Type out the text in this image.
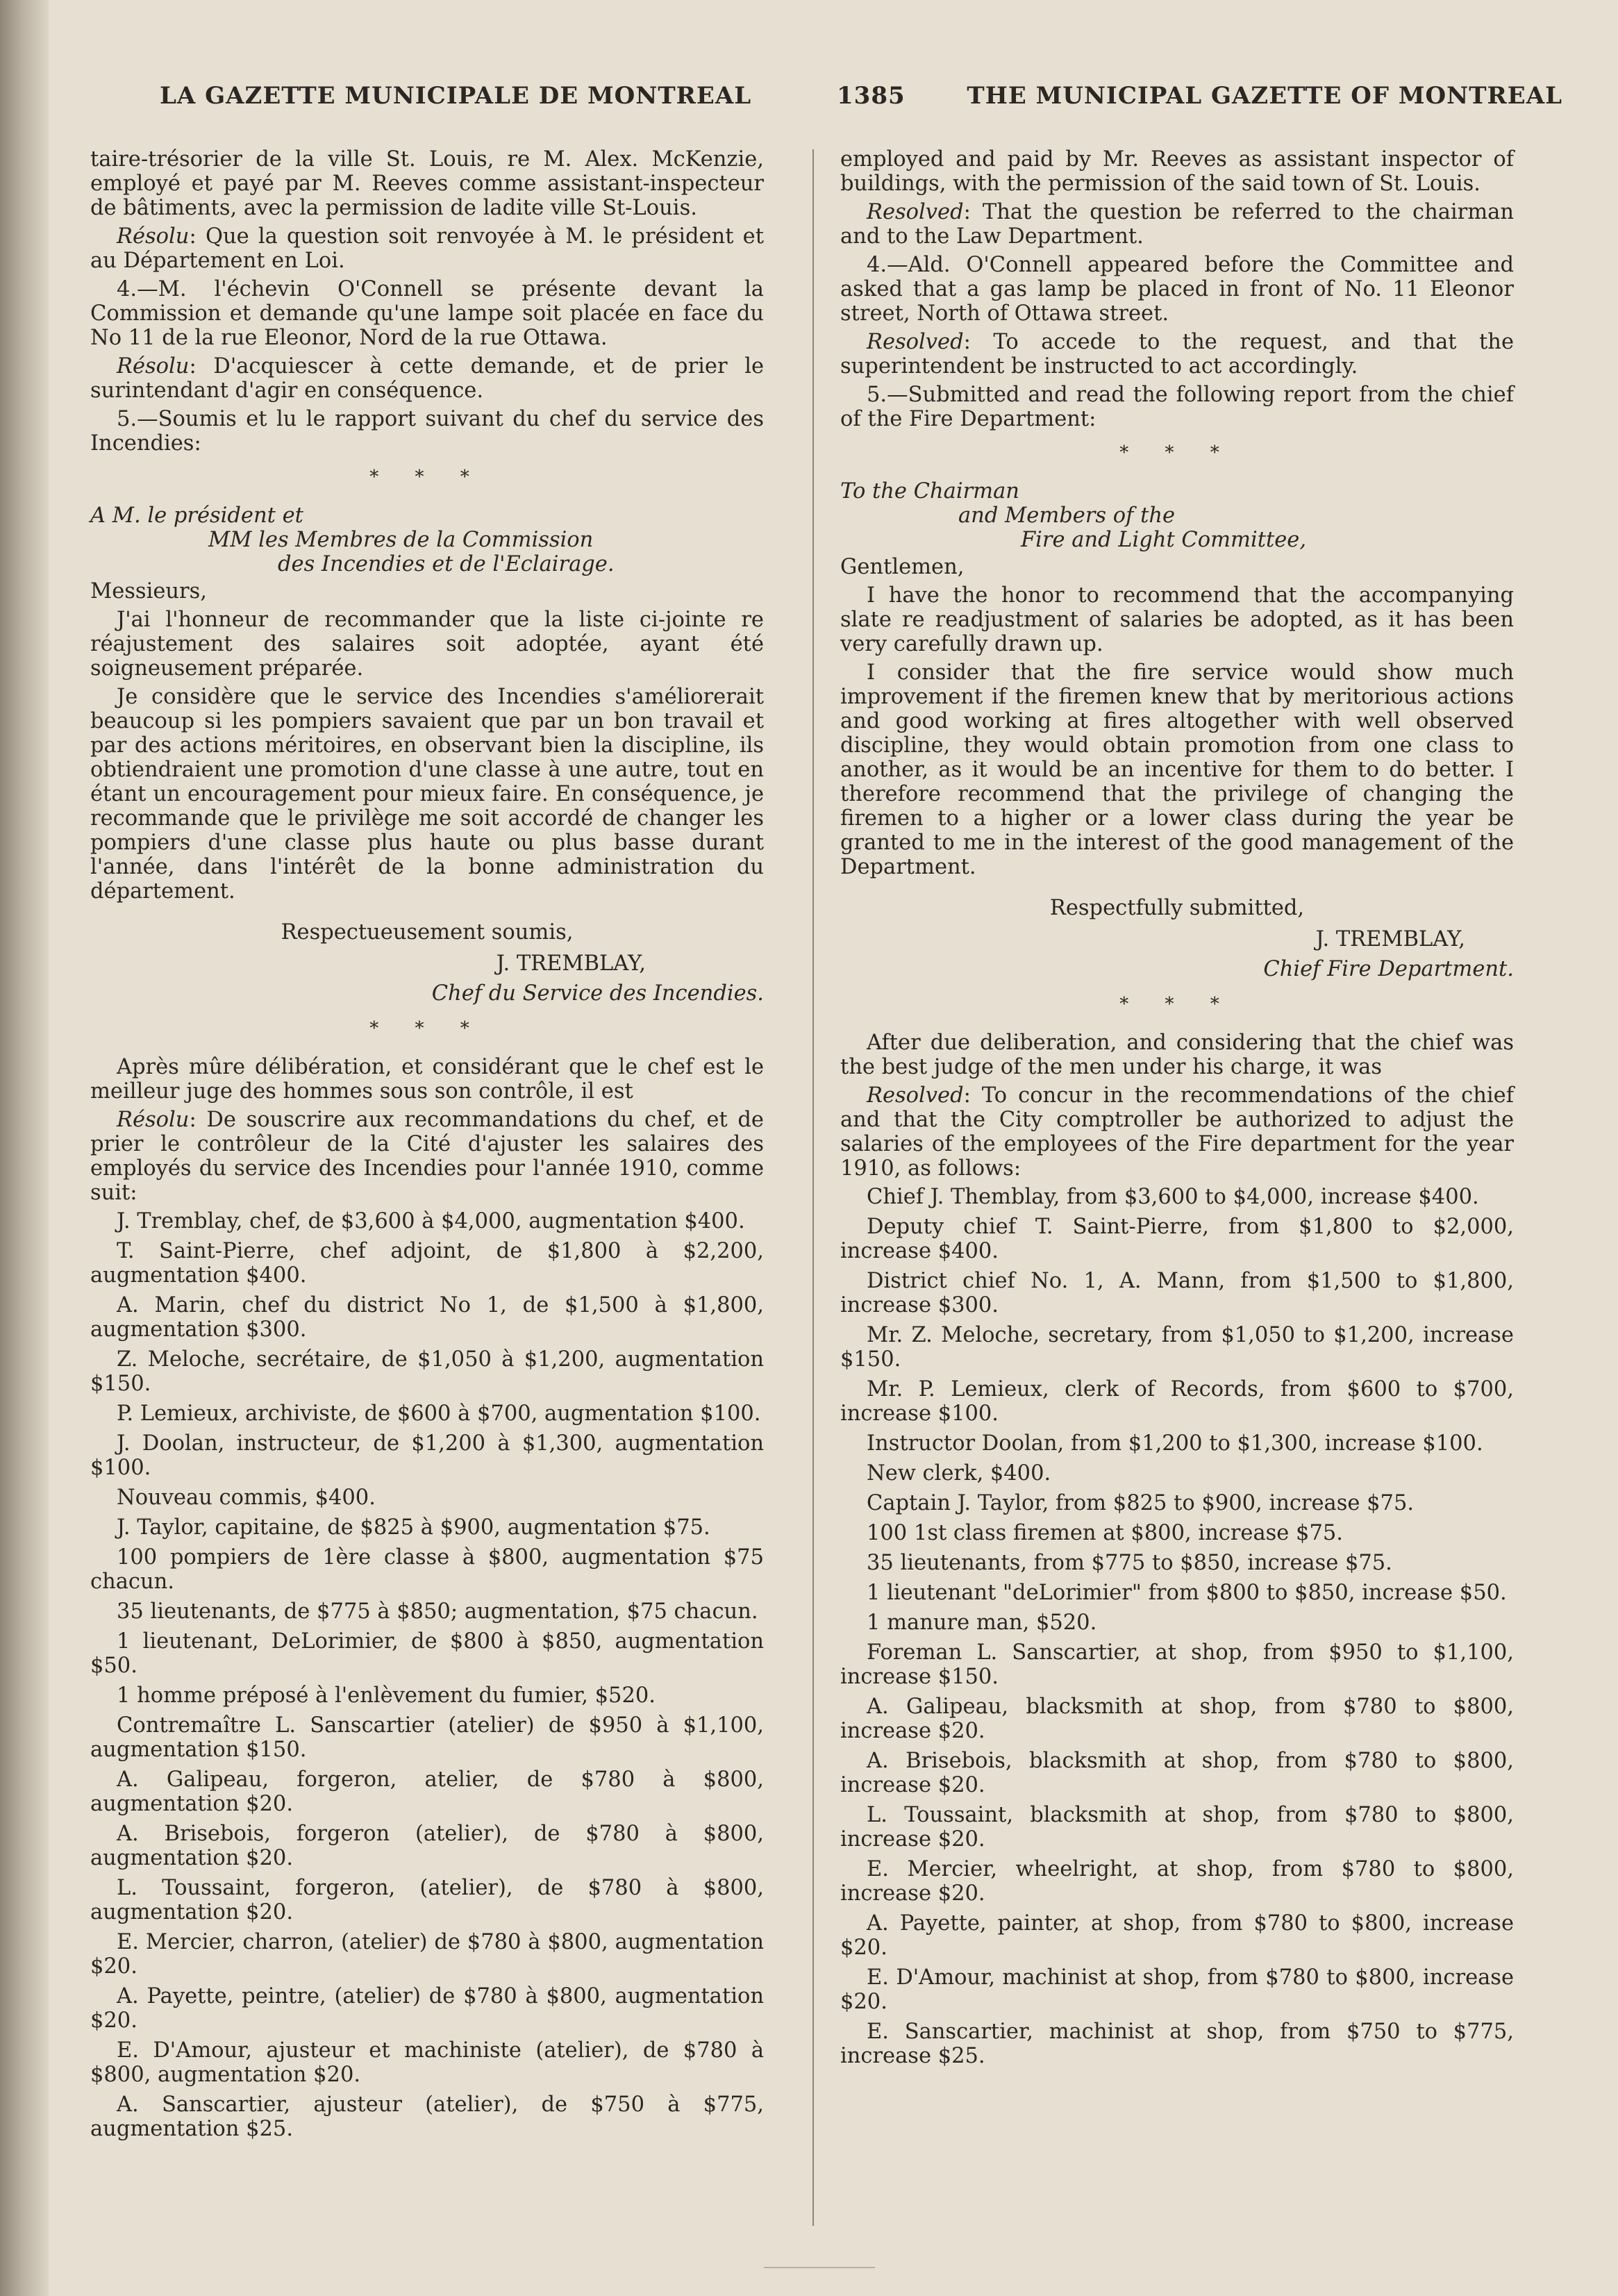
LA GAZETTE MUNICIPALE DE MONTREAL	1385	THE MUNICIPAL GAZETTE OF MONTREAL

taire-trésorier de la ville St. Louis, re M. Alex. McKenzie, employé et payé par M. Reeves comme assistant-inspecteur de bâtiments, avec la permission de ladite ville St-Louis.

Résolu: Que la question soit renvoyée à M. le président et au Département en Loi.

4.—M. l'échevin O'Connell se présente devant la Commission et demande qu'une lampe soit placée en face du No 11 de la rue Eleonor, Nord de la rue Ottawa.

Résolu: D'acquiescer à cette demande, et de prier le surintendant d'agir en conséquence.

5.—Soumis et lu le rapport suivant du chef du service des Incendies:

* * *

A M. le président et

MM les Membres de la Commission

des Incendies et de l'Eclairage.

Messieurs,

J'ai l'honneur de recommander que la liste ci-jointe re réajustement des salaires soit adoptée, ayant été soigneusement préparée.

Je considère que le service des Incendies s'améliorerait beaucoup si les pompiers savaient que par un bon travail et par des actions méritoires, en observant bien la discipline, ils obtiendraient une promotion d'une classe à une autre, tout en étant un encouragement pour mieux faire. En conséquence, je recommande que le privilège me soit accordé de changer les pompiers d'une classe plus haute ou plus basse durant l'année, dans l'intérêt de la bonne administration du département.

Respectueusement soumis,

J. TREMBLAY,

Chef du Service des Incendies.

* * *

Après mûre délibération, et considérant que le chef est le meilleur juge des hommes sous son contrôle, il est

Résolu: De souscrire aux recommandations du chef, et de prier le contrôleur de la Cité d'ajuster les salaires des employés du service des Incendies pour l'année 1910, comme suit:

J. Tremblay, chef, de $3,600 à $4,000, augmentation $400.

T. Saint-Pierre, chef adjoint, de $1,800 à $2,200, augmentation $400.

A. Marin, chef du district No 1, de $1,500 à $1,800, augmentation $300.

Z. Meloche, secrétaire, de $1,050 à $1,200, augmentation $150.

P. Lemieux, archiviste, de $600 à $700, augmentation $100.

J. Doolan, instructeur, de $1,200 à $1,300, augmentation $100.

Nouveau commis, $400.

J. Taylor, capitaine, de $825 à $900, augmentation $75.

100 pompiers de 1ère classe à $800, augmentation $75 chacun.

35 lieutenants, de $775 à $850; augmentation, $75 chacun.

1 lieutenant, DeLorimier, de $800 à $850, augmentation $50.

1 homme préposé à l'enlèvement du fumier, $520.

Contremaître L. Sanscartier (atelier) de $950 à $1,100, augmentation $150.

A. Galipeau, forgeron, atelier, de $780 à $800, augmentation $20.

A. Brisebois, forgeron (atelier), de $780 à $800, augmentation $20.

L. Toussaint, forgeron, (atelier), de $780 à $800, augmentation $20.

E. Mercier, charron, (atelier) de $780 à $800, augmentation $20.

A. Payette, peintre, (atelier) de $780 à $800, augmentation $20.

E. D'Amour, ajusteur et machiniste (atelier), de $780 à $800, augmentation $20.

A. Sanscartier, ajusteur (atelier), de $750 à $775, augmentation $25.

employed and paid by Mr. Reeves as assistant inspector of buildings, with the permission of the said town of St. Louis.

Resolved: That the question be referred to the chairman and to the Law Department.

4.—Ald. O'Connell appeared before the Committee and asked that a gas lamp be placed in front of No. 11 Eleonor street, North of Ottawa street.

Resolved: To accede to the request, and that the superintendent be instructed to act accordingly.

5.—Submitted and read the following report from the chief of the Fire Department:

* * *

To the Chairman

and Members of the

Fire and Light Committee,

Gentlemen,

I have the honor to recommend that the accompanying slate re readjustment of salaries be adopted, as it has been very carefully drawn up.

I consider that the fire service would show much improvement if the firemen knew that by meritorious actions and good working at fires altogether with well observed discipline, they would obtain promotion from one class to another, as it would be an incentive for them to do better. I therefore recommend that the privilege of changing the firemen to a higher or a lower class during the year be granted to me in the interest of the good management of the Department.

Respectfully submitted,

J. TREMBLAY,

Chief Fire Department.

* * *

After due deliberation, and considering that the chief was the best judge of the men under his charge, it was

Resolved: To concur in the recommendations of the chief and that the City comptroller be authorized to adjust the salaries of the employees of the Fire department for the year 1910, as follows:

Chief J. Themblay, from $3,600 to $4,000, increase $400.

Deputy chief T. Saint-Pierre, from $1,800 to $2,000, increase $400.

District chief No. 1, A. Mann, from $1,500 to $1,800, increase $300.

Mr. Z. Meloche, secretary, from $1,050 to $1,200, increase $150.

Mr. P. Lemieux, clerk of Records, from $600 to $700, increase $100.

Instructor Doolan, from $1,200 to $1,300, increase $100.

New clerk, $400.

Captain J. Taylor, from $825 to $900, increase $75.

100 1st class firemen at $800, increase $75.

35 lieutenants, from $775 to $850, increase $75.

1 lieutenant "deLorimier" from $800 to $850, increase $50.

1 manure man, $520.

Foreman L. Sanscartier, at shop, from $950 to $1,100, increase $150.

A. Galipeau, blacksmith at shop, from $780 to $800, increase $20.

A. Brisebois, blacksmith at shop, from $780 to $800, increase $20.

L. Toussaint, blacksmith at shop, from $780 to $800, increase $20.

E. Mercier, wheelright, at shop, from $780 to $800, increase $20.

A. Payette, painter, at shop, from $780 to $800, increase $20.

E. D'Amour, machinist at shop, from $780 to $800, increase $20.

E. Sanscartier, machinist at shop, from $750 to $775, increase $25.
